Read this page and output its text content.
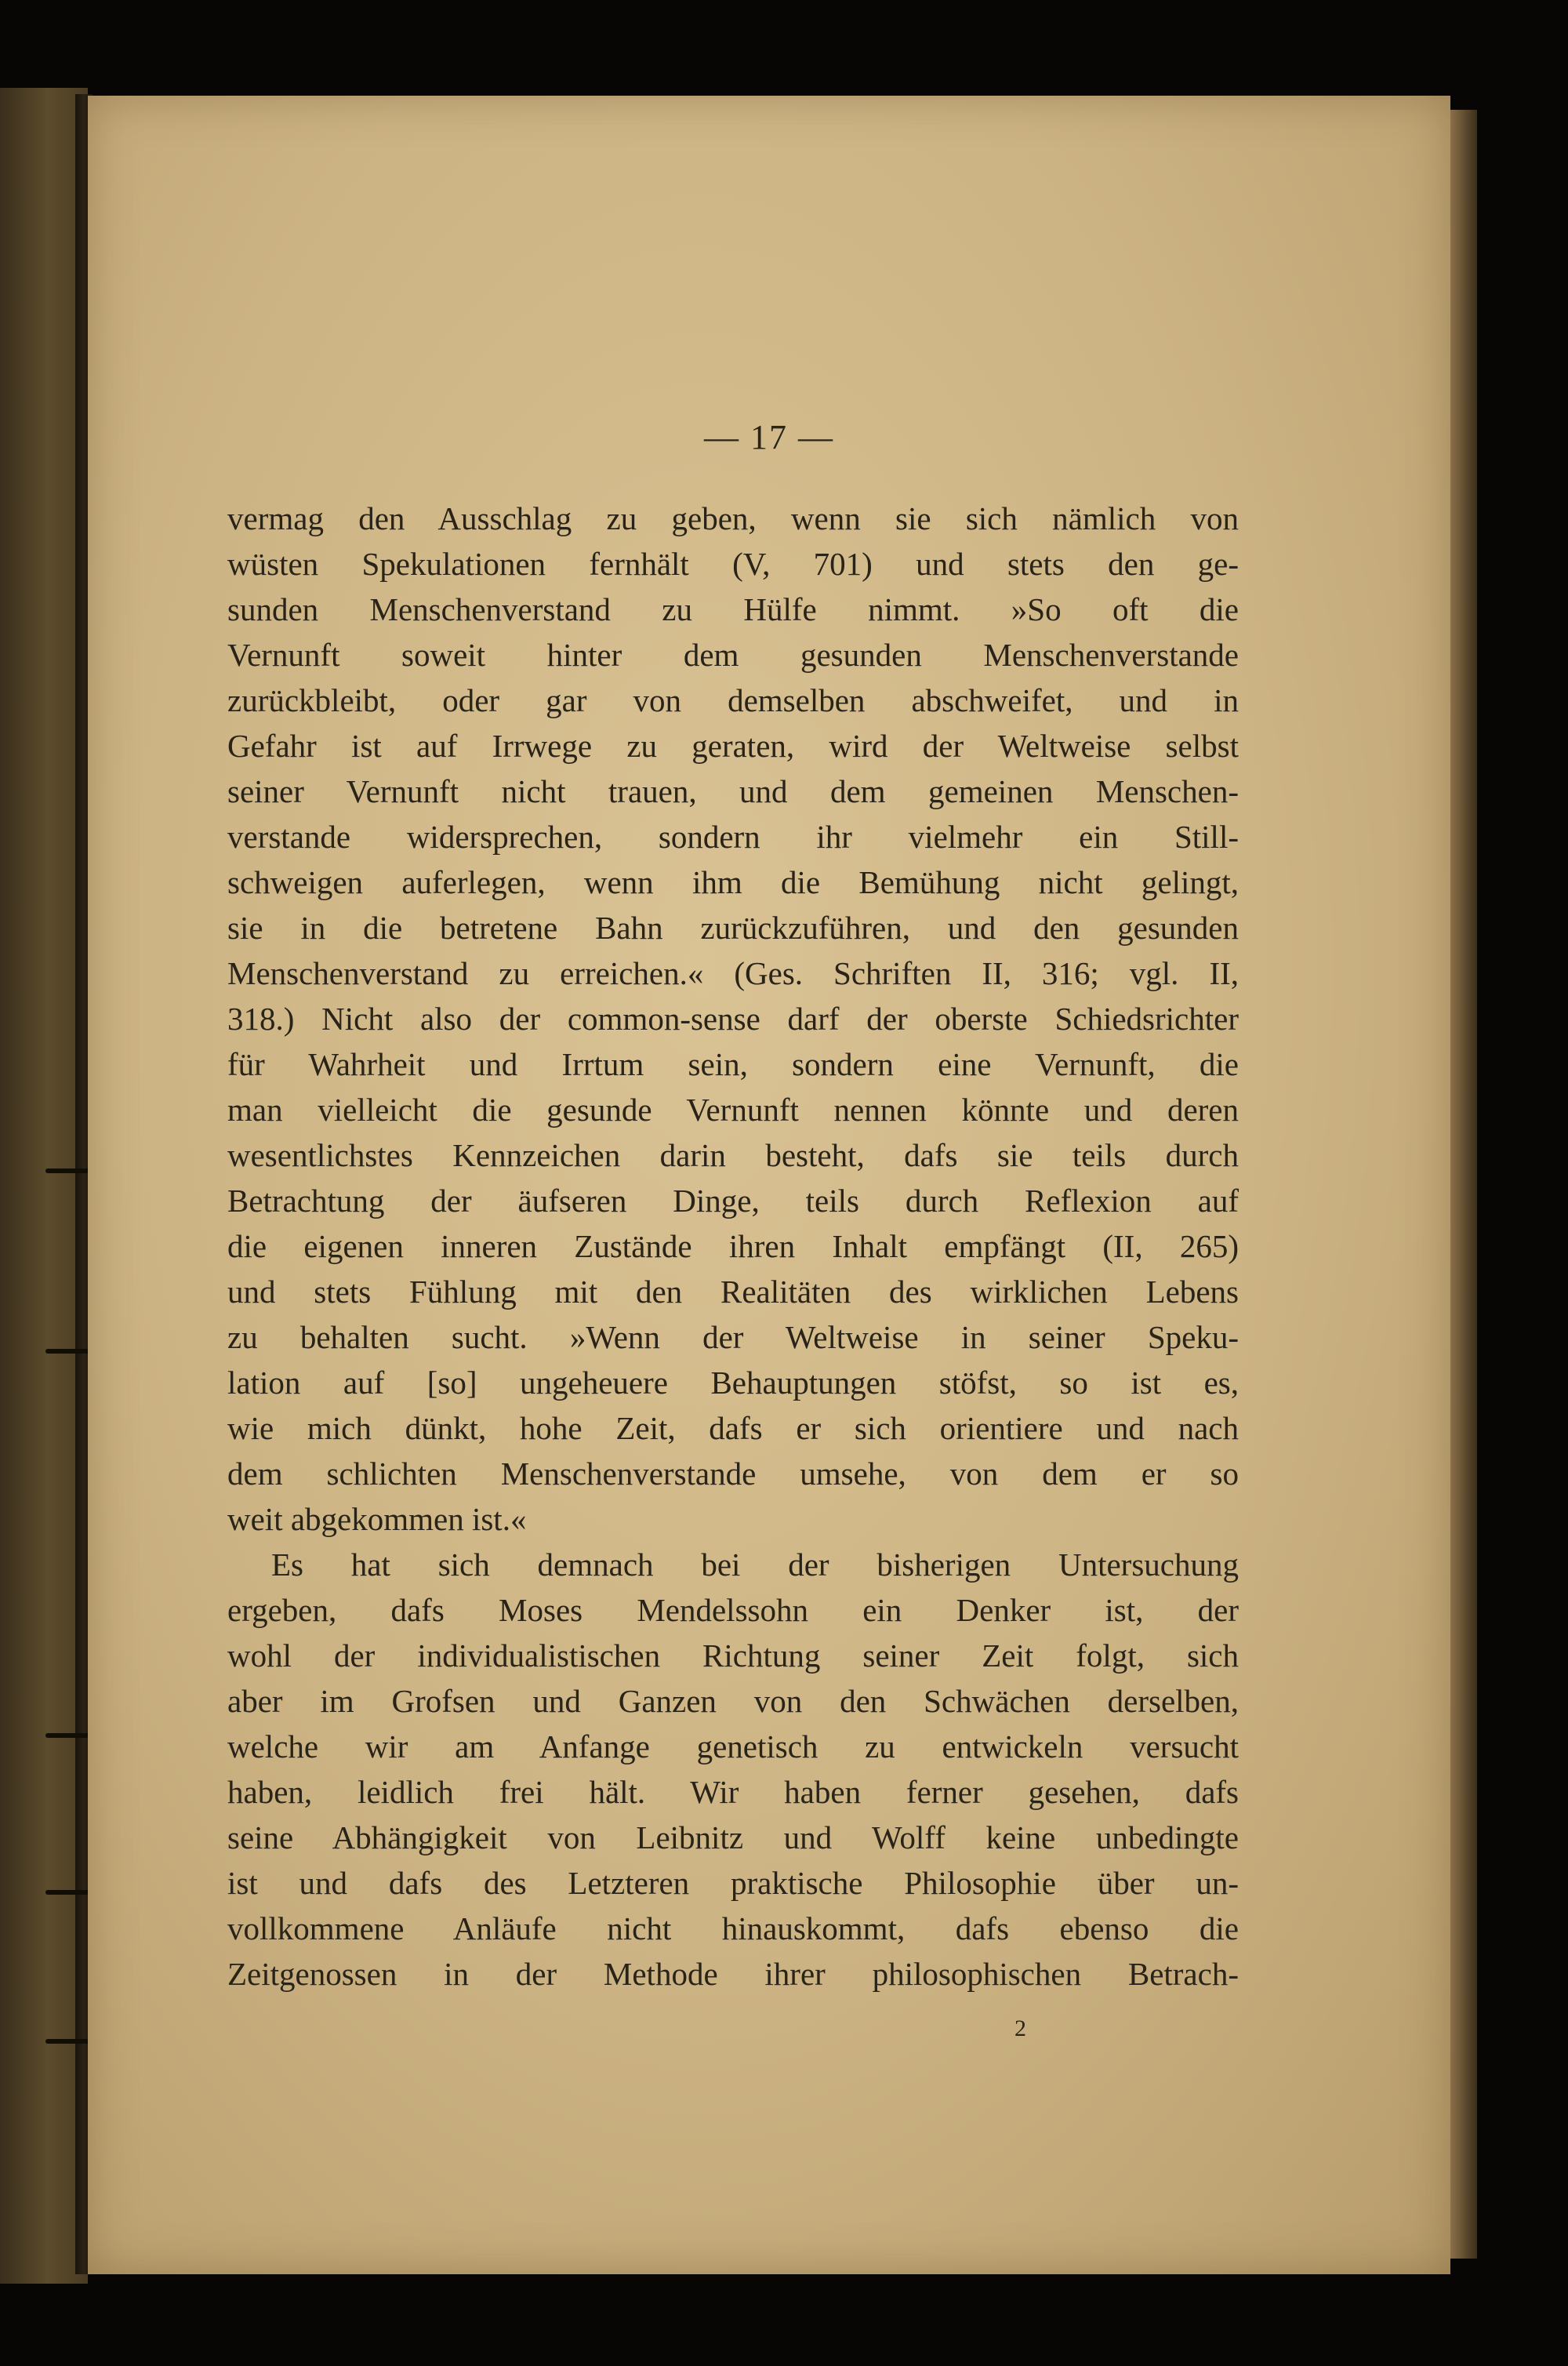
— 17 —
vermag den Ausschlag zu geben, wenn sie sich nämlich von
wüsten Spekulationen fernhält (V, 701) und stets den ge-
sunden Menschenverstand zu Hülfe nimmt. »So oft die
Vernunft soweit hinter dem gesunden Menschenverstande
zurückbleibt, oder gar von demselben abschweifet, und in
Gefahr ist auf Irrwege zu geraten, wird der Weltweise selbst
seiner Vernunft nicht trauen, und dem gemeinen Menschen-
verstande widersprechen, sondern ihr vielmehr ein Still-
schweigen auferlegen, wenn ihm die Bemühung nicht gelingt,
sie in die betretene Bahn zurückzuführen, und den gesunden
Menschenverstand zu erreichen.« (Ges. Schriften II, 316; vgl. II,
318.) Nicht also der common-sense darf der oberste Schiedsrichter
für Wahrheit und Irrtum sein, sondern eine Vernunft, die
man vielleicht die gesunde Vernunft nennen könnte und deren
wesentlichstes Kennzeichen darin besteht, dafs sie teils durch
Betrachtung der äufseren Dinge, teils durch Reflexion auf
die eigenen inneren Zustände ihren Inhalt empfängt (II, 265)
und stets Fühlung mit den Realitäten des wirklichen Lebens
zu behalten sucht. »Wenn der Weltweise in seiner Speku-
lation auf [so] ungeheuere Behauptungen stöfst, so ist es,
wie mich dünkt, hohe Zeit, dafs er sich orientiere und nach
dem schlichten Menschenverstande umsehe, von dem er so
weit abgekommen ist.«
Es hat sich demnach bei der bisherigen Untersuchung
ergeben, dafs Moses Mendelssohn ein Denker ist, der
wohl der individualistischen Richtung seiner Zeit folgt, sich
aber im Grofsen und Ganzen von den Schwächen derselben,
welche wir am Anfange genetisch zu entwickeln versucht
haben, leidlich frei hält. Wir haben ferner gesehen, dafs
seine Abhängigkeit von Leibnitz und Wolff keine unbedingte
ist und dafs des Letzteren praktische Philosophie über un-
vollkommene Anläufe nicht hinauskommt, dafs ebenso die
Zeitgenossen in der Methode ihrer philosophischen Betrach-
2
